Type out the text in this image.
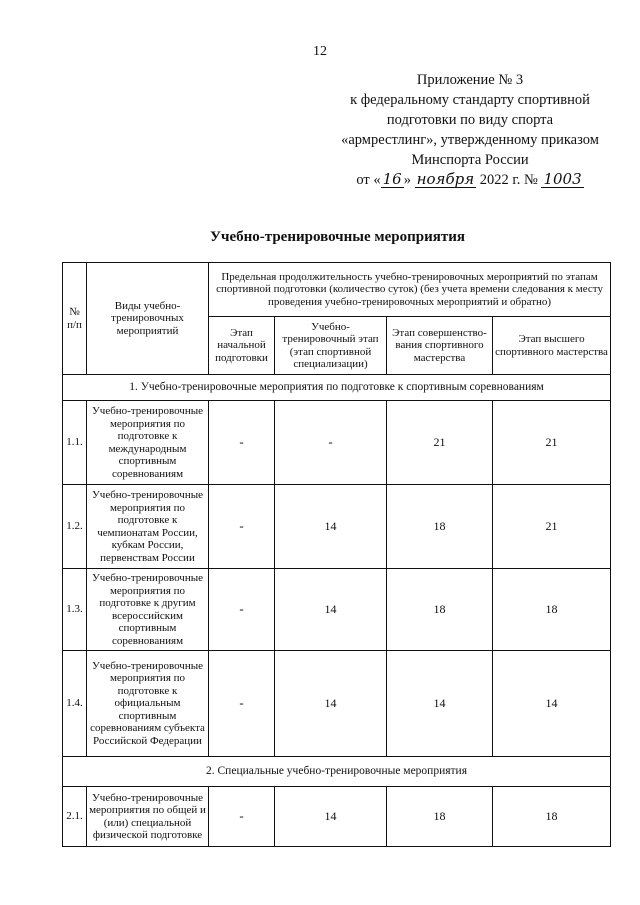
12
Приложение № 3
к федеральному стандарту спортивной
подготовки по виду спорта
«армрестлинг», утвержденному приказом
Минспорта России
от « 16 » ноября 2022 г. № 1003
Учебно-тренировочные мероприятия
№ п/п	Виды учебно-тренировочных мероприятий	Предельная продолжительность учебно-тренировочных мероприятий по этапам спортивной подготовки (количество суток) (без учета времени следования к месту проведения учебно-тренировочных мероприятий и обратно)			
		Этап начальной подготовки	Учебно-тренировочный этап (этап спортивной специализации)	Этап совершенство-вания спортивного мастерства	Этап высшего спортивного мастерства
1. Учебно-тренировочные мероприятия по подготовке к спортивным соревнованиям					
1.1.	Учебно-тренировочные мероприятия по подготовке к международным спортивным соревнованиям	-	-	21	21
1.2.	Учебно-тренировочные мероприятия по подготовке к чемпионатам России, кубкам России, первенствам России	-	14	18	21
1.3.	Учебно-тренировочные мероприятия по подготовке к другим всероссийским спортивным соревнованиям	-	14	18	18
1.4.	Учебно-тренировочные мероприятия по подготовке к официальным спортивным соревнованиям субъекта Российской Федерации	-	14	14	14
2. Специальные учебно-тренировочные мероприятия					
2.1.	Учебно-тренировочные мероприятия по общей и (или) специальной физической подготовке	-	14	18	18
